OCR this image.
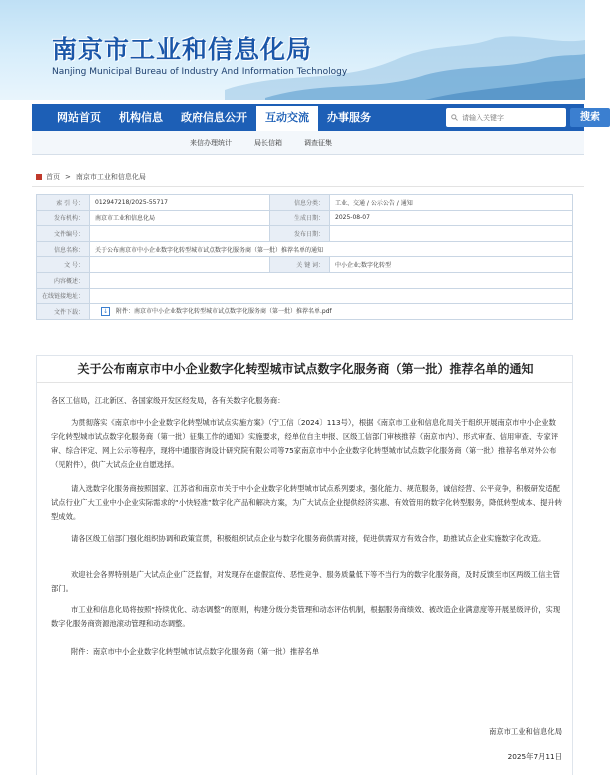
南京市工业和信息化局
Nanjing Municipal Bureau of Industry And Information Technology
网站首页	机构信息	政府信息公开	互动交流	办事服务
请输入关键字	搜索
来信办理统计	局长信箱	调查征集
首页 > 南京市工业和信息化局
索 引 号：	012947218/2025-55717	信息分类：	工业、交通 / 公示公告 / 通知
发布机构：	南京市工业和信息化局	生成日期：	2025-08-07
文件编号：		发布日期：	
信息名称：	关于公布南京市中小企业数字化转型城市试点数字化服务商（第一批）推荐名单的通知		
文 号：		关 键 词：	中小企业;数字化转型
内容概述：			
在线链接地址：			
文件下载：	↓ 附件：南京市中小企业数字化转型城市试点数字化服务商（第一批）推荐名单.pdf		
关于公布南京市中小企业数字化转型城市试点数字化服务商（第一批）推荐名单的通知
各区工信局，江北新区、各国家级开发区经发局，各有关数字化服务商：
为贯彻落实《南京市中小企业数字化转型城市试点实施方案》（宁工信〔2024〕113号），根据《南京市工业和信息化局关于组织开展南京市中小企业数字化转型城市试点数字化服务商（第一批）征集工作的通知》实施要求，经单位自主申报、区级工信部门审核推荐（南京市内）、形式审查、信用审查、专家评审、综合评定、网上公示等程序，现将中通服咨询设计研究院有限公司等75家南京市中小企业数字化转型城市试点数字化服务商（第一批）推荐名单对外公布（见附件），供广大试点企业自愿选择。
请入选数字化服务商按照国家、江苏省和南京市关于中小企业数字化转型城市试点系列要求，强化能力、规范服务，诚信经营、公平竞争，积极研发适配试点行业广大工业中小企业实际需求的“小快轻准”数字化产品和解决方案，为广大试点企业提供经济实惠、有效管用的数字化转型服务，降低转型成本、提升转型成效。
请各区级工信部门强化组织协调和政策宣贯，积极组织试点企业与数字化服务商供需对接，促进供需双方有效合作，助推试点企业实施数字化改造。
欢迎社会各界特别是广大试点企业广泛监督，对发现存在虚假宣传、恶性竞争、服务质量低下等不当行为的数字化服务商，及时反馈至市区两级工信主管部门。
市工业和信息化局将按照“持续优化、动态调整”的原则，构建分级分类管理和动态评估机制，根据服务商绩效、被改造企业满意度等开展星级评价，实现数字化服务商资源池滚动管理和动态调整。
附件：南京市中小企业数字化转型城市试点数字化服务商（第一批）推荐名单
南京市工业和信息化局
2025年7月11日
